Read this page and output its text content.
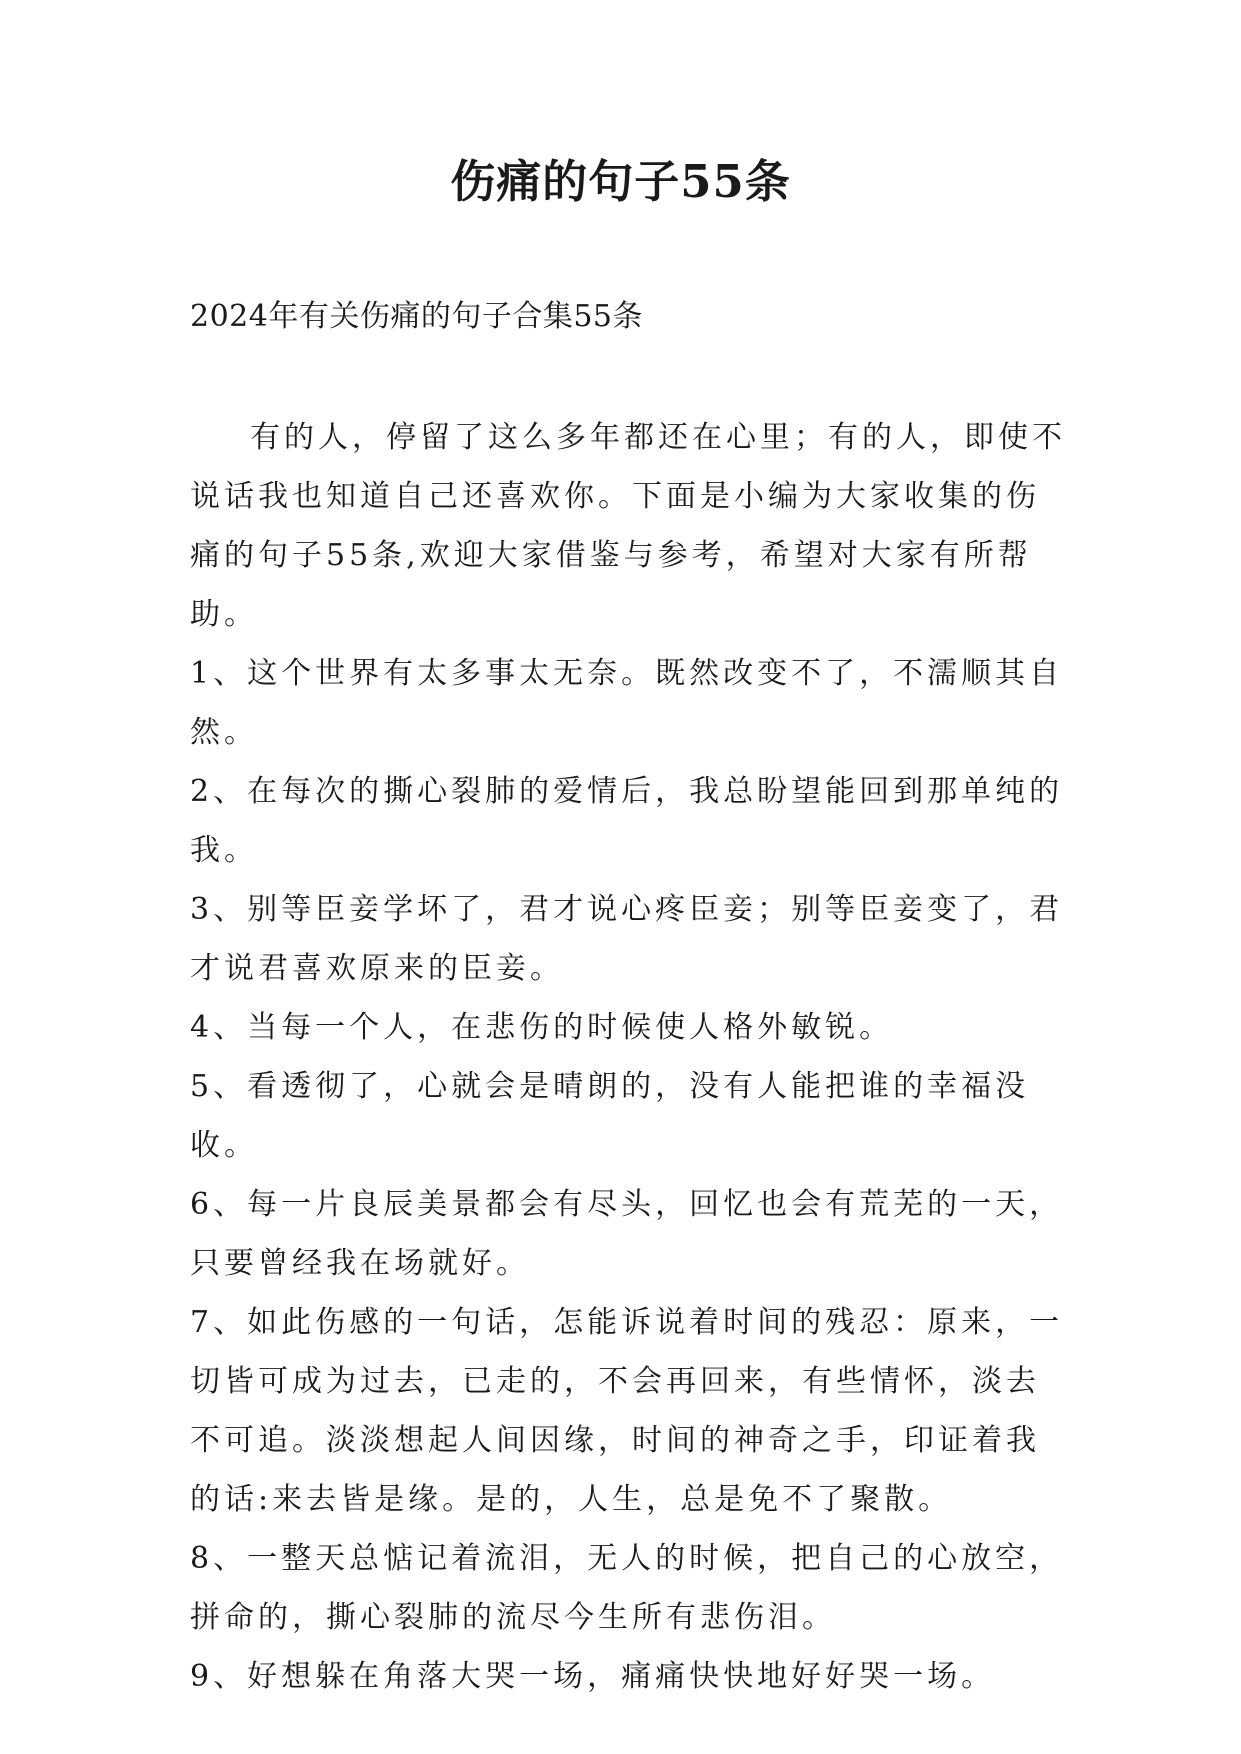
伤痛的句子55条

2024年有关伤痛的句子合集55条

有的人，停留了这么多年都还在心里；有的人，即使不说话我也知道自己还喜欢你。下面是小编为大家收集的伤痛的句子55条,欢迎大家借鉴与参考，希望对大家有所帮助。

1、这个世界有太多事太无奈。既然改变不了，不濡顺其自然。

2、在每次的撕心裂肺的爱情后，我总盼望能回到那单纯的我。

3、别等臣妾学坏了，君才说心疼臣妾；别等臣妾变了，君才说君喜欢原来的臣妾。

4、当每一个人，在悲伤的时候使人格外敏锐。

5、看透彻了，心就会是晴朗的，没有人能把谁的幸福没收。

6、每一片良辰美景都会有尽头，回忆也会有荒芜的一天，只要曾经我在场就好。

7、如此伤感的一句话，怎能诉说着时间的残忍：原来，一切皆可成为过去，已走的，不会再回来，有些情怀，淡去不可追。淡淡想起人间因缘，时间的神奇之手，印证着我的话:来去皆是缘。是的，人生，总是免不了聚散。

8、一整天总惦记着流泪，无人的时候，把自己的心放空，拼命的，撕心裂肺的流尽今生所有悲伤泪。

9、好想躲在角落大哭一场，痛痛快快地好好哭一场。
